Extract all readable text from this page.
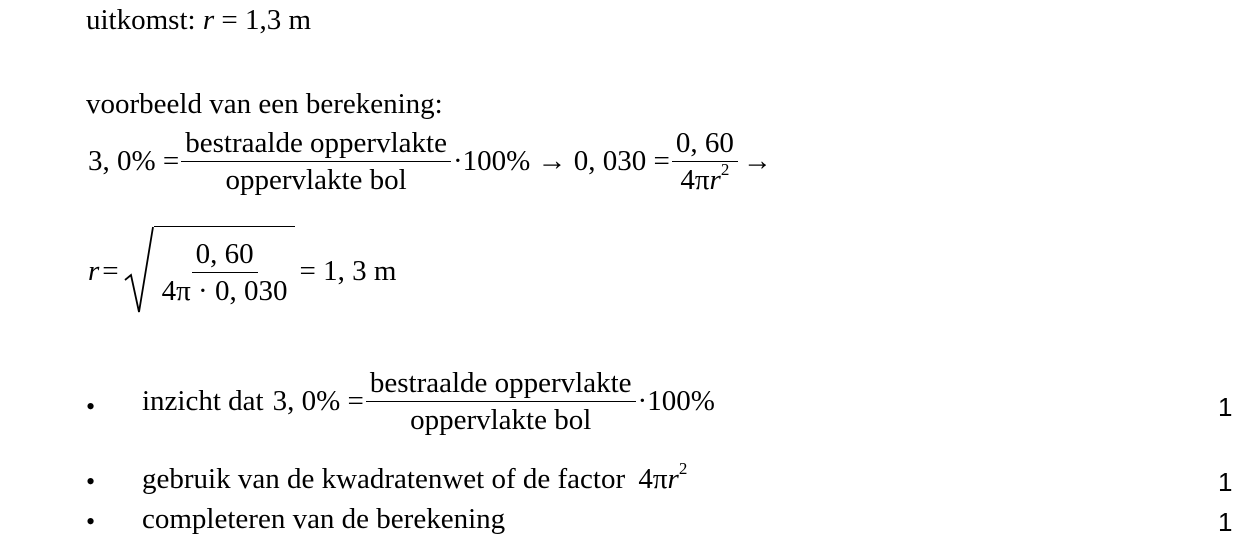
uitkomst: r = 1,3 m
voorbeeld van een berekening:
3, $0\% = \frac{\text{bestraalde oppervlakte}}{\text{oppervlakte bol}} \cdot 100\% \to 0$, $030 = \frac{0, 60}{4\pi r^2}$ →
$r = \frac{0, 60}{4\pi \cdot 0, 030} = 1$, 3 m
• inzicht dat 3, $0\% = \frac{\text{bestraalde oppervlakte}}{\text{oppervlakte bol}} \cdot 100\%$	1
• gebruik van de kwadratenwet of de factor $4\pi r^2$	1
• completeren van de berekening	1
